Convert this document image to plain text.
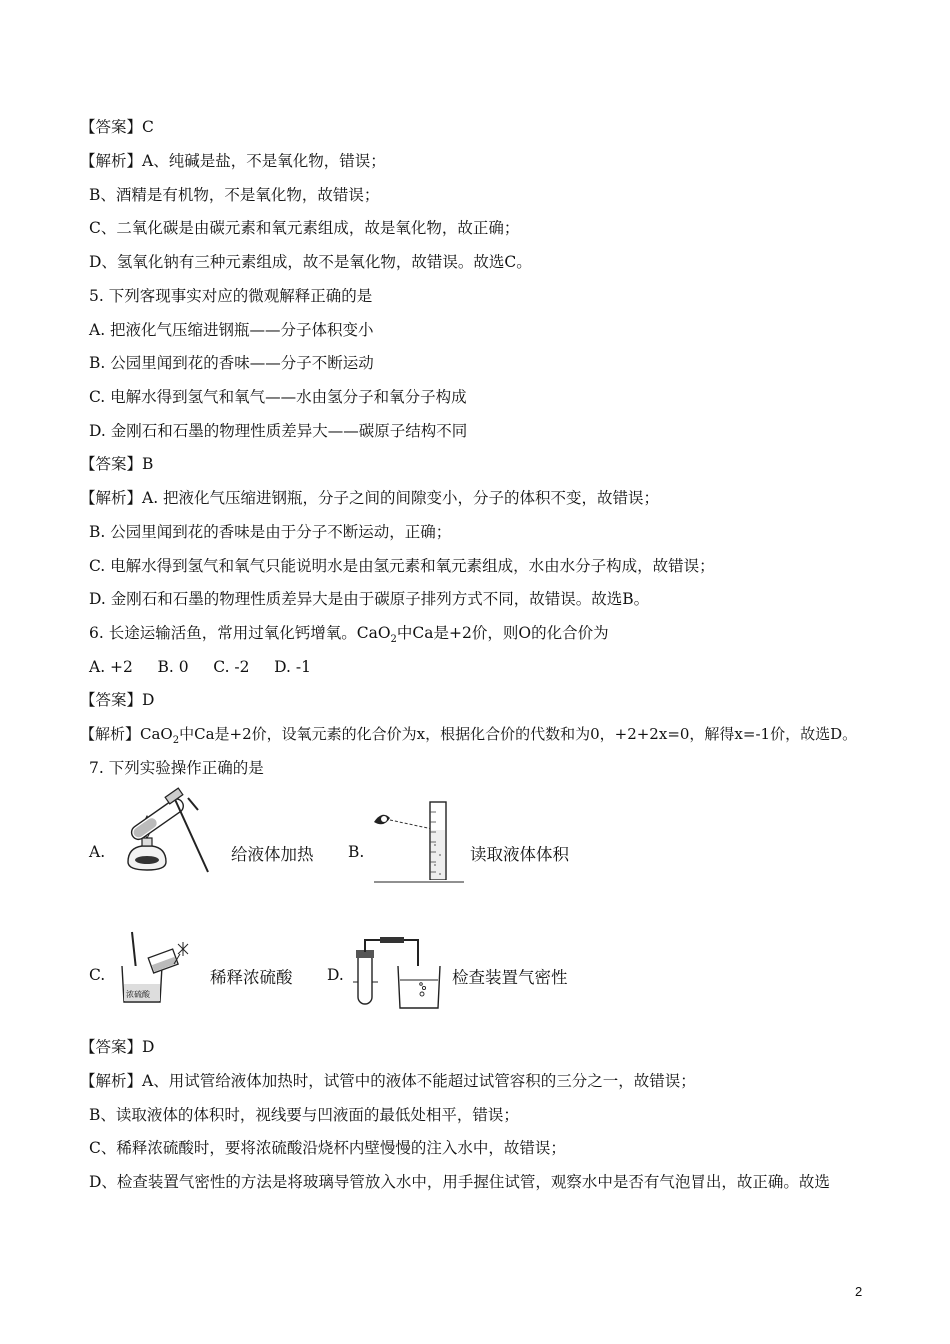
【答案】C
【解析】A、纯碱是盐，不是氧化物，错误；
B、酒精是有机物，不是氧化物，故错误；
C、二氧化碳是由碳元素和氧元素组成，故是氧化物，故正确；
D、氢氧化钠有三种元素组成，故不是氧化物，故错误。故选C。
5. 下列客现事实对应的微观解释正确的是
A. 把液化气压缩进钢瓶——分子体积变小
B. 公园里闻到花的香味——分子不断运动
C. 电解水得到氢气和氧气——水由氢分子和氧分子构成
D. 金刚石和石墨的物理性质差异大——碳原子结构不同
【答案】B
【解析】A. 把液化气压缩进钢瓶，分子之间的间隙变小，分子的体积不变，故错误；
B. 公园里闻到花的香味是由于分子不断运动，正确；
C. 电解水得到氢气和氧气只能说明水是由氢元素和氧元素组成，水由水分子构成，故错误；
D. 金刚石和石墨的物理性质差异大是由于碳原子排列方式不同，故错误。故选B。
6. 长途运输活鱼，常用过氧化钙增氧。CaO$_2$中Ca是+2价，则O的化合价为
A. +2     B. 0     C. -2     D. -1
【答案】D
【解析】CaO$_2$中Ca是+2价，设氧元素的化合价为x，根据化合价的代数和为0，+2+2x=0，解得x=-1价，故选D。
7. 下列实验操作正确的是
A.	给液体加热 B.	读取液体体积
C.
浓硫酸
稀释浓硫酸 D.	检查装置气密性
【答案】D
【解析】A、用试管给液体加热时，试管中的液体不能超过试管容积的三分之一，故错误；
B、读取液体的体积时，视线要与凹液面的最低处相平，错误；
C、稀释浓硫酸时，要将浓硫酸沿烧杯内壁慢慢的注入水中，故错误；
D、检查装置气密性的方法是将玻璃导管放入水中，用手握住试管，观察水中是否有气泡冒出，故正确。故选
2
